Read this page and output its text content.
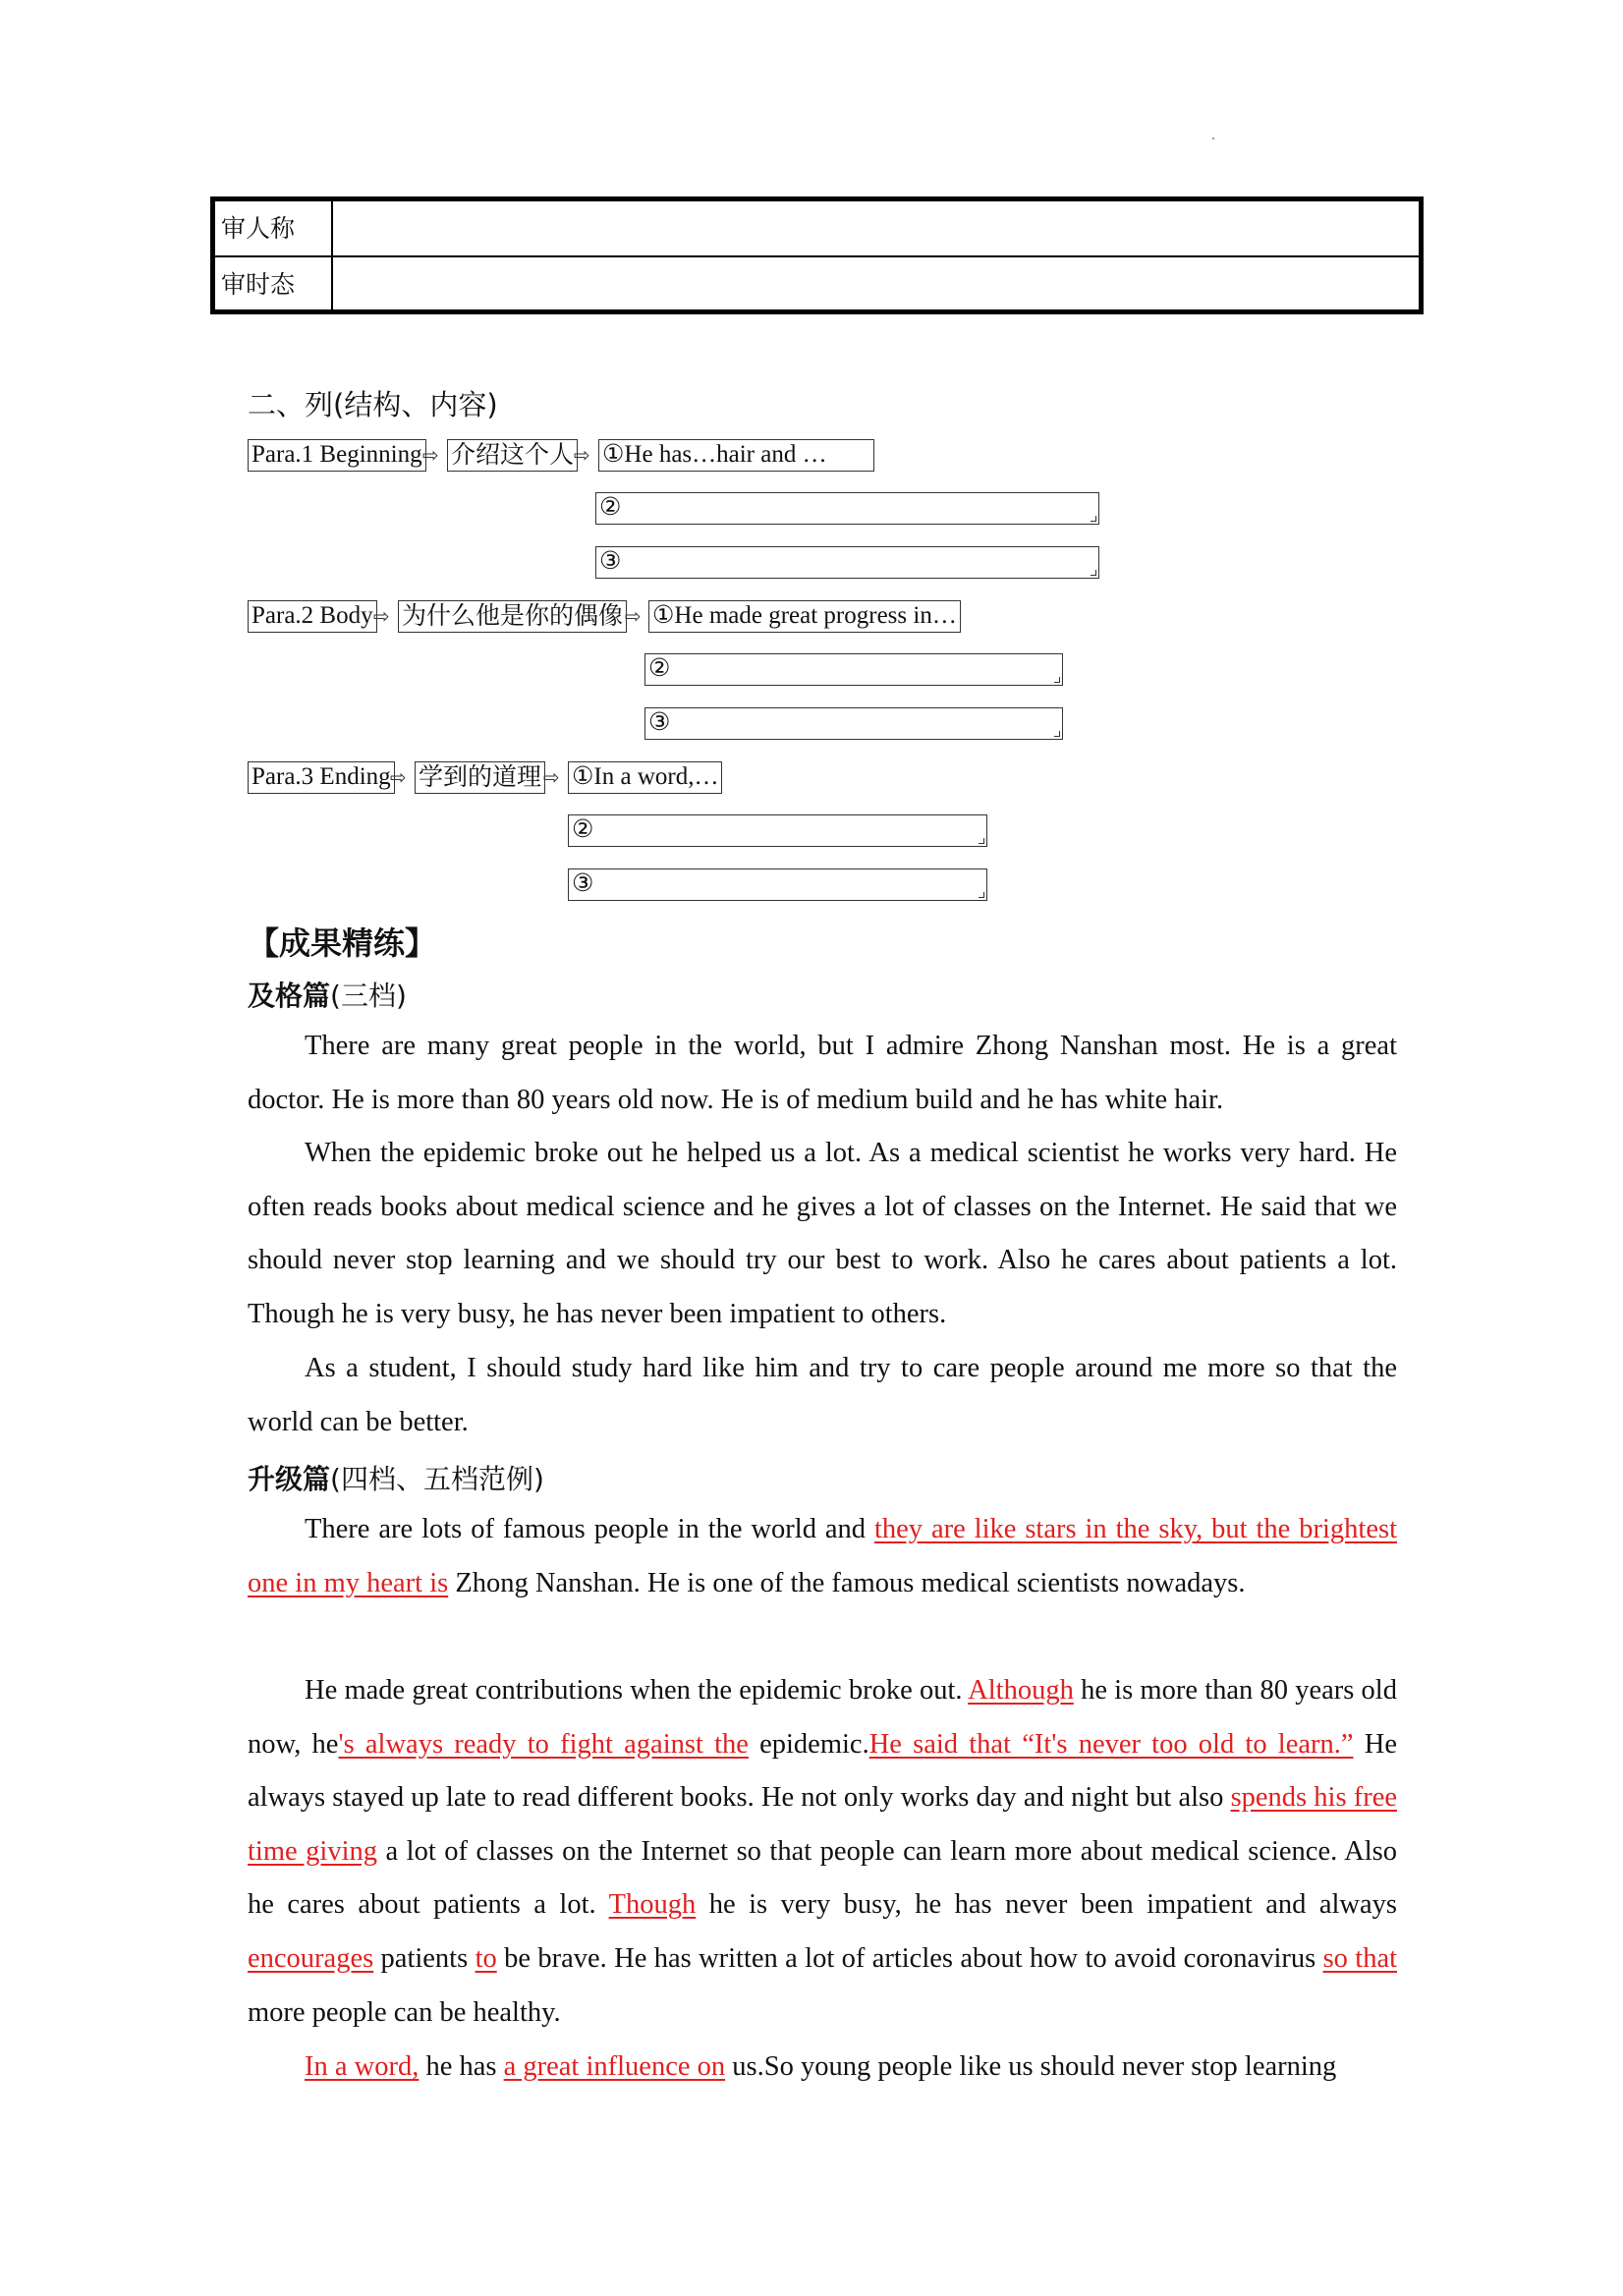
审人称
审时态
二、列(结构、内容)
Para.1 Beginning ⇨ 介绍这个人 ⇨ ①He has…hair and …
②
③
Para.2 Body ⇨ 为什么他是你的偶像 ⇨ ①He made great progress in…
②
③
Para.3 Ending ⇨ 学到的道理 ⇨ ①In a word,…
②
③
【成果精练】
及格篇(三档)

There are many great people in the world, but I admire Zhong Nanshan most. He is a great doctor. He is more than 80 years old now. He is of medium build and he has white hair.

When the epidemic broke out he helped us a lot. As a medical scientist he works very hard. He often reads books about medical science and he gives a lot of classes on the Internet. He said that we should never stop learning and we should try our best to work. Also he cares about patients a lot. Though he is very busy, he has never been impatient to others.

As a student, I should study hard like him and try to care people around me more so that the world can be better.

升级篇(四档、五档范例)

There are lots of famous people in the world and they are like stars in the sky, but the brightest one in my heart is Zhong Nanshan. He is one of the famous medical scientists nowadays.

He made great contributions when the epidemic broke out. Although he is more than 80 years old now, he's always ready to fight against the epidemic.He said that “It's never too old to learn.” He always stayed up late to read different books. He not only works day and night but also spends his free time giving a lot of classes on the Internet so that people can learn more about medical science. Also he cares about patients a lot. Though he is very busy, he has never been impatient and always encourages patients to be brave. He has written a lot of articles about how to avoid coronavirus so that more people can be healthy.

In a word, he has a great influence on us.So young people like us should never stop learning
